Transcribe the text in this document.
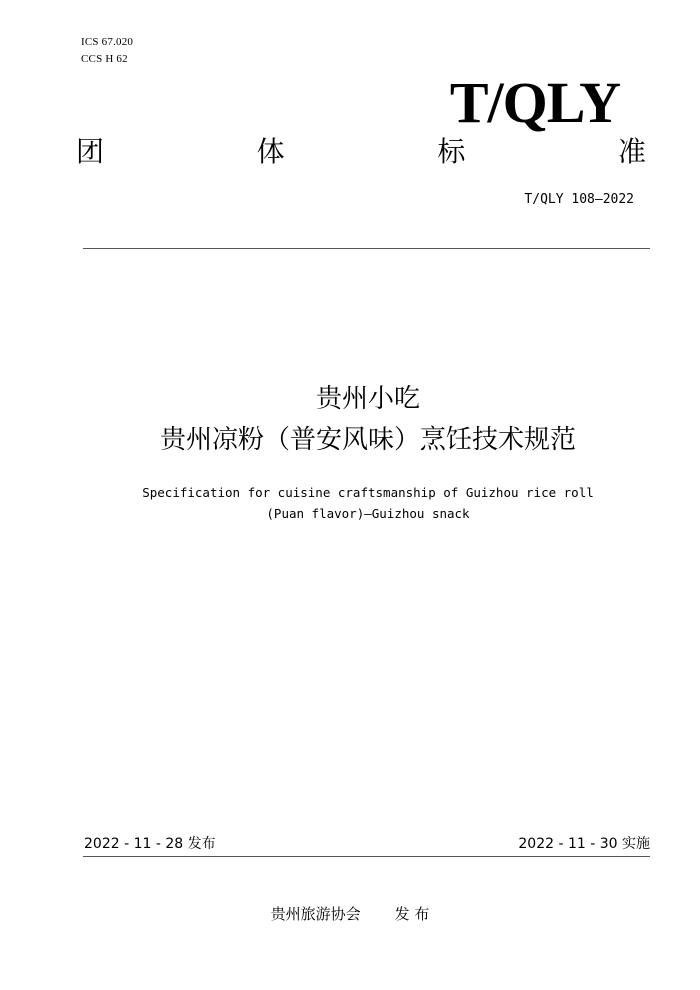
ICS 67.020
CCS H 62
T/QLY
团	体	标	准
T/QLY 108—2022
贵州小吃
贵州凉粉（普安风味）烹饪技术规范
Specification for cuisine craftsmanship of Guizhou rice roll
(Puan flavor)—Guizhou snack
2022 - 11 - 28 发布	2022 - 11 - 30 实施
贵州旅游协会 发 布
